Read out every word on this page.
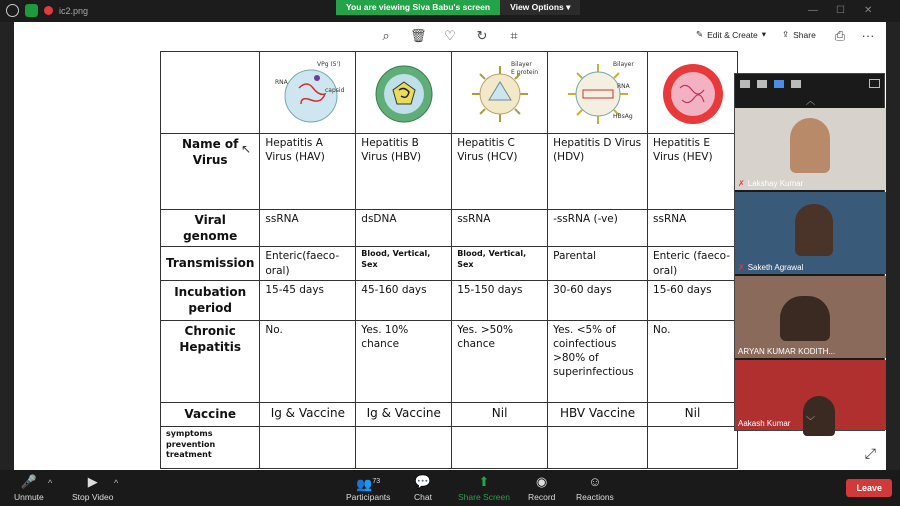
ic2.png	You are viewing Siva Babu's screen	View Options ▾	— ☐ ✕
⌕	🗑 ♡ ↻	⌗	✎ Edit & Create ▾ ⇪ Share ⎙ ···

RNA
VPg (5')
capsid		Bilayer
E protein	Bilayer
RNA
HBsAg

Name of Virus	Hepatitis A Virus (HAV)	Hepatitis B Virus (HBV)	Hepatitis C Virus (HCV)	Hepatitis D Virus (HDV)	Hepatitis E Virus (HEV)
Viral genome	ssRNA	dsDNA	ssRNA	-ssRNA (-ve)	ssRNA
Transmission	Enteric(faeco-oral)	Blood, Vertical, Sex	Blood, Vertical, Sex	Parental	Enteric (faeco-oral)
Incubation period	15-45 days	45-160 days	15-150 days	30-60 days	15-60 days
Chronic Hepatitis	No.	Yes. 10% chance	Yes. >50% chance	Yes. <5% of coinfectious >80% of superinfectious	No.
Vaccine	Ig & Vaccine	Ig & Vaccine	Nil	HBV Vaccine	Nil
symptoms prevention treatment					
↖
⤢
︿
✗ Lakshay Kumar
✗ Saketh Agrawal
ARYAN KUMAR KODITH...
Aakash Kumar	﹀
🎤
Unmute
^	▶
Stop Video
^	👥$^{73}$
Participants
💬
Chat
⬆
Share Screen
◉
Record
☺
Reactions
Leave
